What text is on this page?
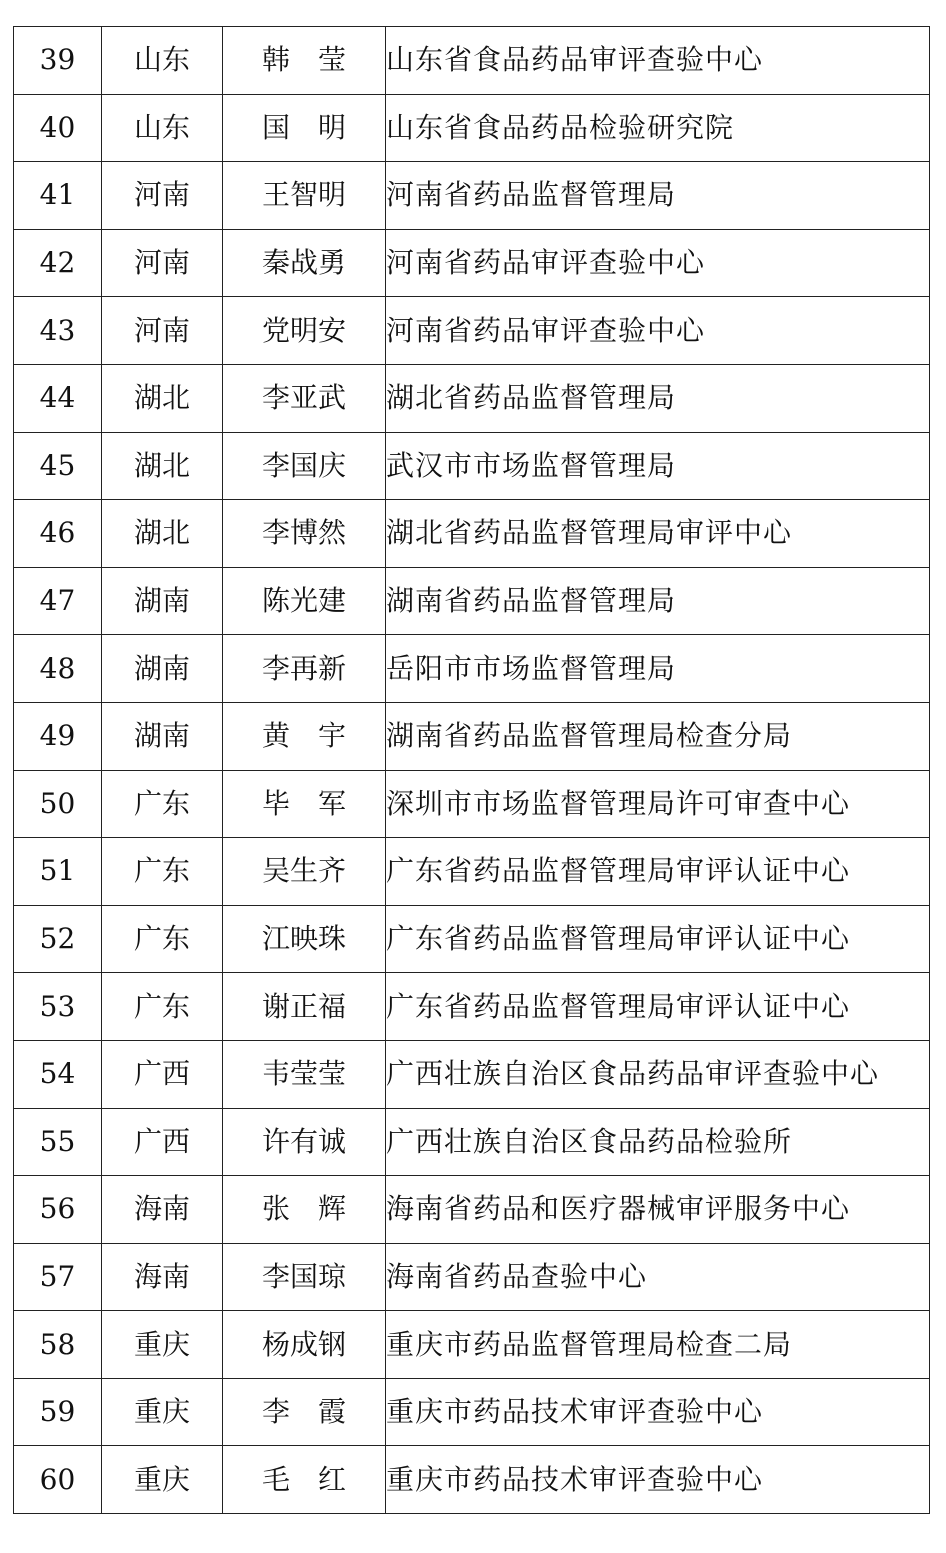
39	山东	韩　莹	山东省食品药品审评查验中心
40	山东	国　明	山东省食品药品检验研究院
41	河南	王智明	河南省药品监督管理局
42	河南	秦战勇	河南省药品审评查验中心
43	河南	党明安	河南省药品审评查验中心
44	湖北	李亚武	湖北省药品监督管理局
45	湖北	李国庆	武汉市市场监督管理局
46	湖北	李博然	湖北省药品监督管理局审评中心
47	湖南	陈光建	湖南省药品监督管理局
48	湖南	李再新	岳阳市市场监督管理局
49	湖南	黄　宇	湖南省药品监督管理局检查分局
50	广东	毕　军	深圳市市场监督管理局许可审查中心
51	广东	吴生齐	广东省药品监督管理局审评认证中心
52	广东	江映珠	广东省药品监督管理局审评认证中心
53	广东	谢正福	广东省药品监督管理局审评认证中心
54	广西	韦莹莹	广西壮族自治区食品药品审评查验中心
55	广西	许有诚	广西壮族自治区食品药品检验所
56	海南	张　辉	海南省药品和医疗器械审评服务中心
57	海南	李国琼	海南省药品查验中心
58	重庆	杨成钢	重庆市药品监督管理局检查二局
59	重庆	李　霞	重庆市药品技术审评查验中心
60	重庆	毛　红	重庆市药品技术审评查验中心
